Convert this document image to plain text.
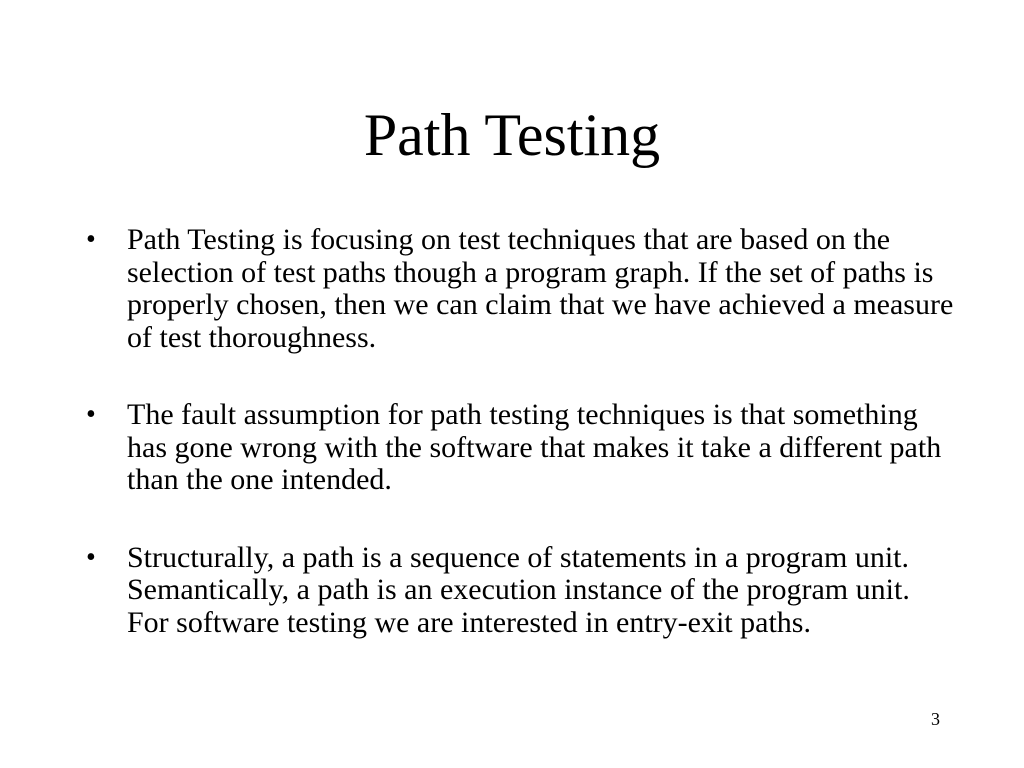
Path Testing
• Path Testing is focusing on test techniques that are based on the selection of test paths though a program graph. If the set of paths is properly chosen, then we can claim that we have achieved a measure of test thoroughness.
• The fault assumption for path testing techniques is that something has gone wrong with the software that makes it take a different path than the one intended.
• Structurally, a path is a sequence of statements in a program unit. Semantically, a path is an execution instance of the program unit. For software testing we are interested in entry-exit paths.
3
